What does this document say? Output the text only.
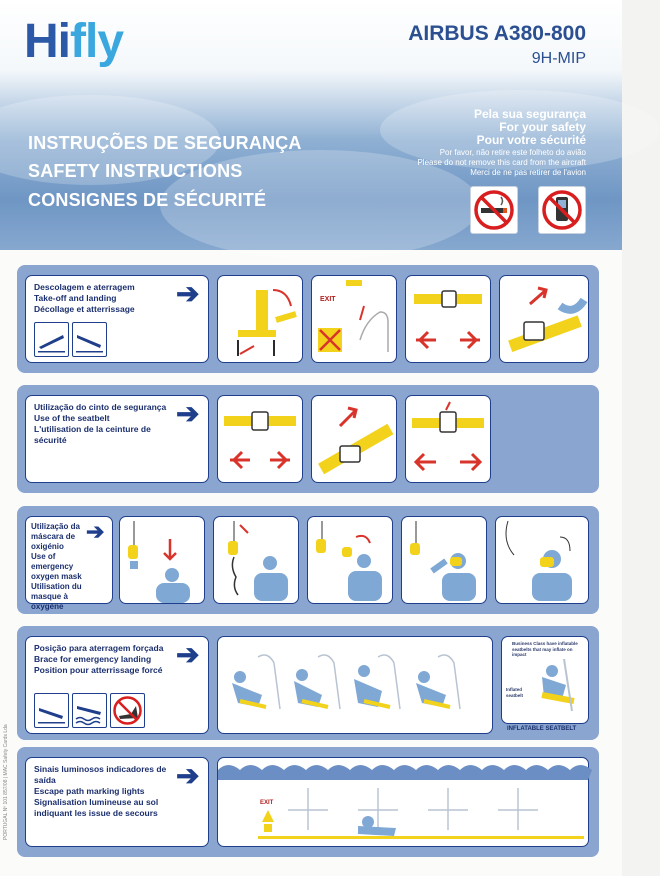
Hifly	AIRBUS A380-800
9H-MIP
INSTRUÇÕES DE SEGURANÇA
SAFETY INSTRUCTIONS
CONSIGNES DE SÉCURITÉ
Pela sua segurança
For your safety
Pour votre sécurité
Por favor, não retire este folheto do avião
Please do not remove this card from the aircraft
Merci de ne pas retirer de l'avion
Descolagem e aterragem
Take-off and landing
Décollage et atterrissage	➔	EXIT
Utilização do cinto de segurança
Use of the seatbelt
L'utilisation de la ceinture de sécurité
➔
Utilização da máscara de oxigénio
Use of emergency oxygen mask
Utilisation du masque à oxygène
➔
Posição para aterragem forçada
Brace for emergency landing
Position pour atterrissage forcé ➔	Business Class have inflatable seatbelts that may inflate on impact
Inflated seatbelt
INFLATABLE SEATBELT
Sinais luminosos indicadores de saída
Escape path marking lights
Signalisation lumineuse au sol indiquant les issue de secours
➔
EXIT
PORTUGAL Nº 101 857/08 | MAC Safety Cards Lda
